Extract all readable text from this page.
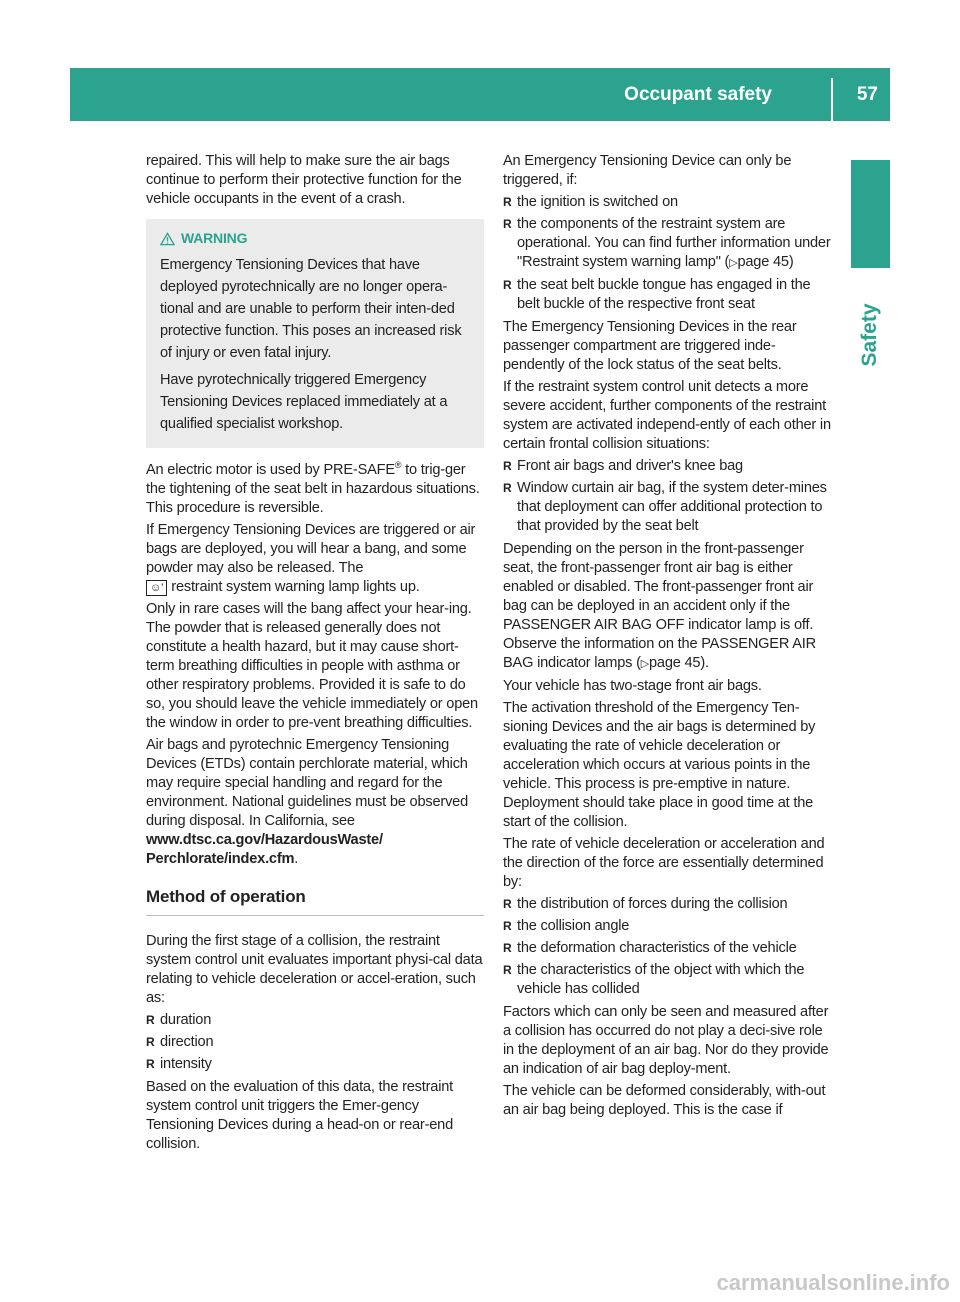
Occupant safety	57
Safety

repaired. This will help to make sure the air bags continue to perform their protective function for the vehicle occupants in the event of a crash.

WARNING

Emergency Tensioning Devices that have deployed pyrotechnically are no longer opera-tional and are unable to perform their inten-ded protective function. This poses an increased risk of injury or even fatal injury.

Have pyrotechnically triggered Emergency Tensioning Devices replaced immediately at a qualified specialist workshop.

An electric motor is used by PRE-SAFE® to trig-ger the tightening of the seat belt in hazardous situations. This procedure is reversible.

If Emergency Tensioning Devices are triggered or air bags are deployed, you will hear a bang, and some powder may also be released. The
☺’ restraint system warning lamp lights up.

Only in rare cases will the bang affect your hear-ing. The powder that is released generally does not constitute a health hazard, but it may cause short-term breathing difficulties in people with asthma or other respiratory problems. Provided it is safe to do so, you should leave the vehicle immediately or open the window in order to pre-vent breathing difficulties.

Air bags and pyrotechnic Emergency Tensioning Devices (ETDs) contain perchlorate material, which may require special handling and regard for the environment. National guidelines must be observed during disposal. In California, see www.dtsc.ca.gov/HazardousWaste/ Perchlorate/index.cfm.

Method of operation

During the first stage of a collision, the restraint system control unit evaluates important physi-cal data relating to vehicle deceleration or accel-eration, such as:

R duration
R direction
R intensity

Based on the evaluation of this data, the restraint system control unit triggers the Emer-gency Tensioning Devices during a head-on or rear-end collision.

An Emergency Tensioning Device can only be triggered, if:

R the ignition is switched on
R the components of the restraint system are operational. You can find further information under "Restraint system warning lamp" (▷page 45)
R the seat belt buckle tongue has engaged in the belt buckle of the respective front seat

The Emergency Tensioning Devices in the rear passenger compartment are triggered inde-pendently of the lock status of the seat belts.

If the restraint system control unit detects a more severe accident, further components of the restraint system are activated independ-ently of each other in certain frontal collision situations:

R Front air bags and driver's knee bag
R Window curtain air bag, if the system deter-mines that deployment can offer additional protection to that provided by the seat belt

Depending on the person in the front-passenger seat, the front-passenger front air bag is either enabled or disabled. The front-passenger front air bag can be deployed in an accident only if the PASSENGER AIR BAG OFF indicator lamp is off. Observe the information on the PASSENGER AIR BAG indicator lamps (▷page 45).

Your vehicle has two-stage front air bags.

The activation threshold of the Emergency Ten-sioning Devices and the air bags is determined by evaluating the rate of vehicle deceleration or acceleration which occurs at various points in the vehicle. This process is pre-emptive in nature. Deployment should take place in good time at the start of the collision.

The rate of vehicle deceleration or acceleration and the direction of the force are essentially determined by:

R the distribution of forces during the collision
R the collision angle
R the deformation characteristics of the vehicle
R the characteristics of the object with which the vehicle has collided

Factors which can only be seen and measured after a collision has occurred do not play a deci-sive role in the deployment of an air bag. Nor do they provide an indication of air bag deploy-ment.

The vehicle can be deformed considerably, with-out an air bag being deployed. This is the case if

carmanualsonline.info
